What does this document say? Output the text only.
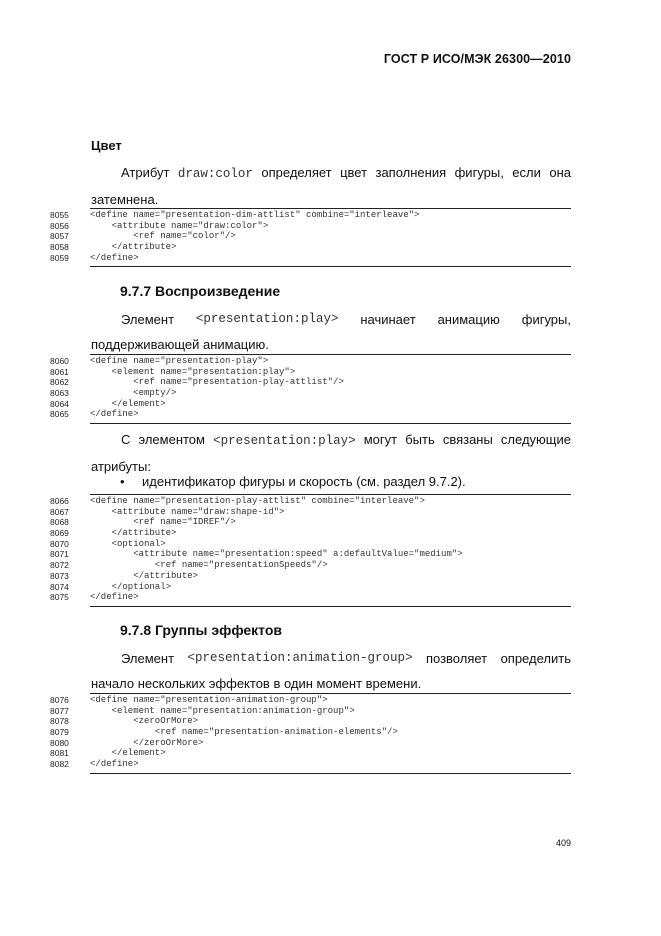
ГОСТ Р ИСО/МЭК 26300—2010
Цвет
Атрибут draw:color определяет цвет заполнения фигуры, если она
затемнена.
8055	<define name="presentation-dim-attlist" combine="interleave">
8056	<attribute name="draw:color">
8057	<ref name="color"/>
8058	</attribute>
8059	</define>
9.7.7 Воспроизведение
Элемент <presentation:play> начинает анимацию фигуры,
поддерживающей анимацию.
8060	<define name="presentation-play">
8061	<element name="presentation:play">
8062	<ref name="presentation-play-attlist"/>
8063	<empty/>
8064	</element>
8065	</define>
С элементом <presentation:play> могут быть связаны следующие
атрибуты:
• идентификатор фигуры и скорость (см. раздел 9.7.2).
8066	<define name="presentation-play-attlist" combine="interleave">
8067	<attribute name="draw:shape-id">
8068	<ref name="IDREF"/>
8069	</attribute>
8070	<optional>
8071	<attribute name="presentation:speed" a:defaultValue="medium">
8072	<ref name="presentationSpeeds"/>
8073	</attribute>
8074	</optional>
8075	</define>
9.7.8 Группы эффектов
Элемент <presentation:animation-group> позволяет определить
начало нескольких эффектов в один момент времени.
8076	<define name="presentation-animation-group">
8077	<element name="presentation:animation-group">
8078	<zeroOrMore>
8079	<ref name="presentation-animation-elements"/>
8080	</zeroOrMore>
8081	</element>
8082	</define>
409
